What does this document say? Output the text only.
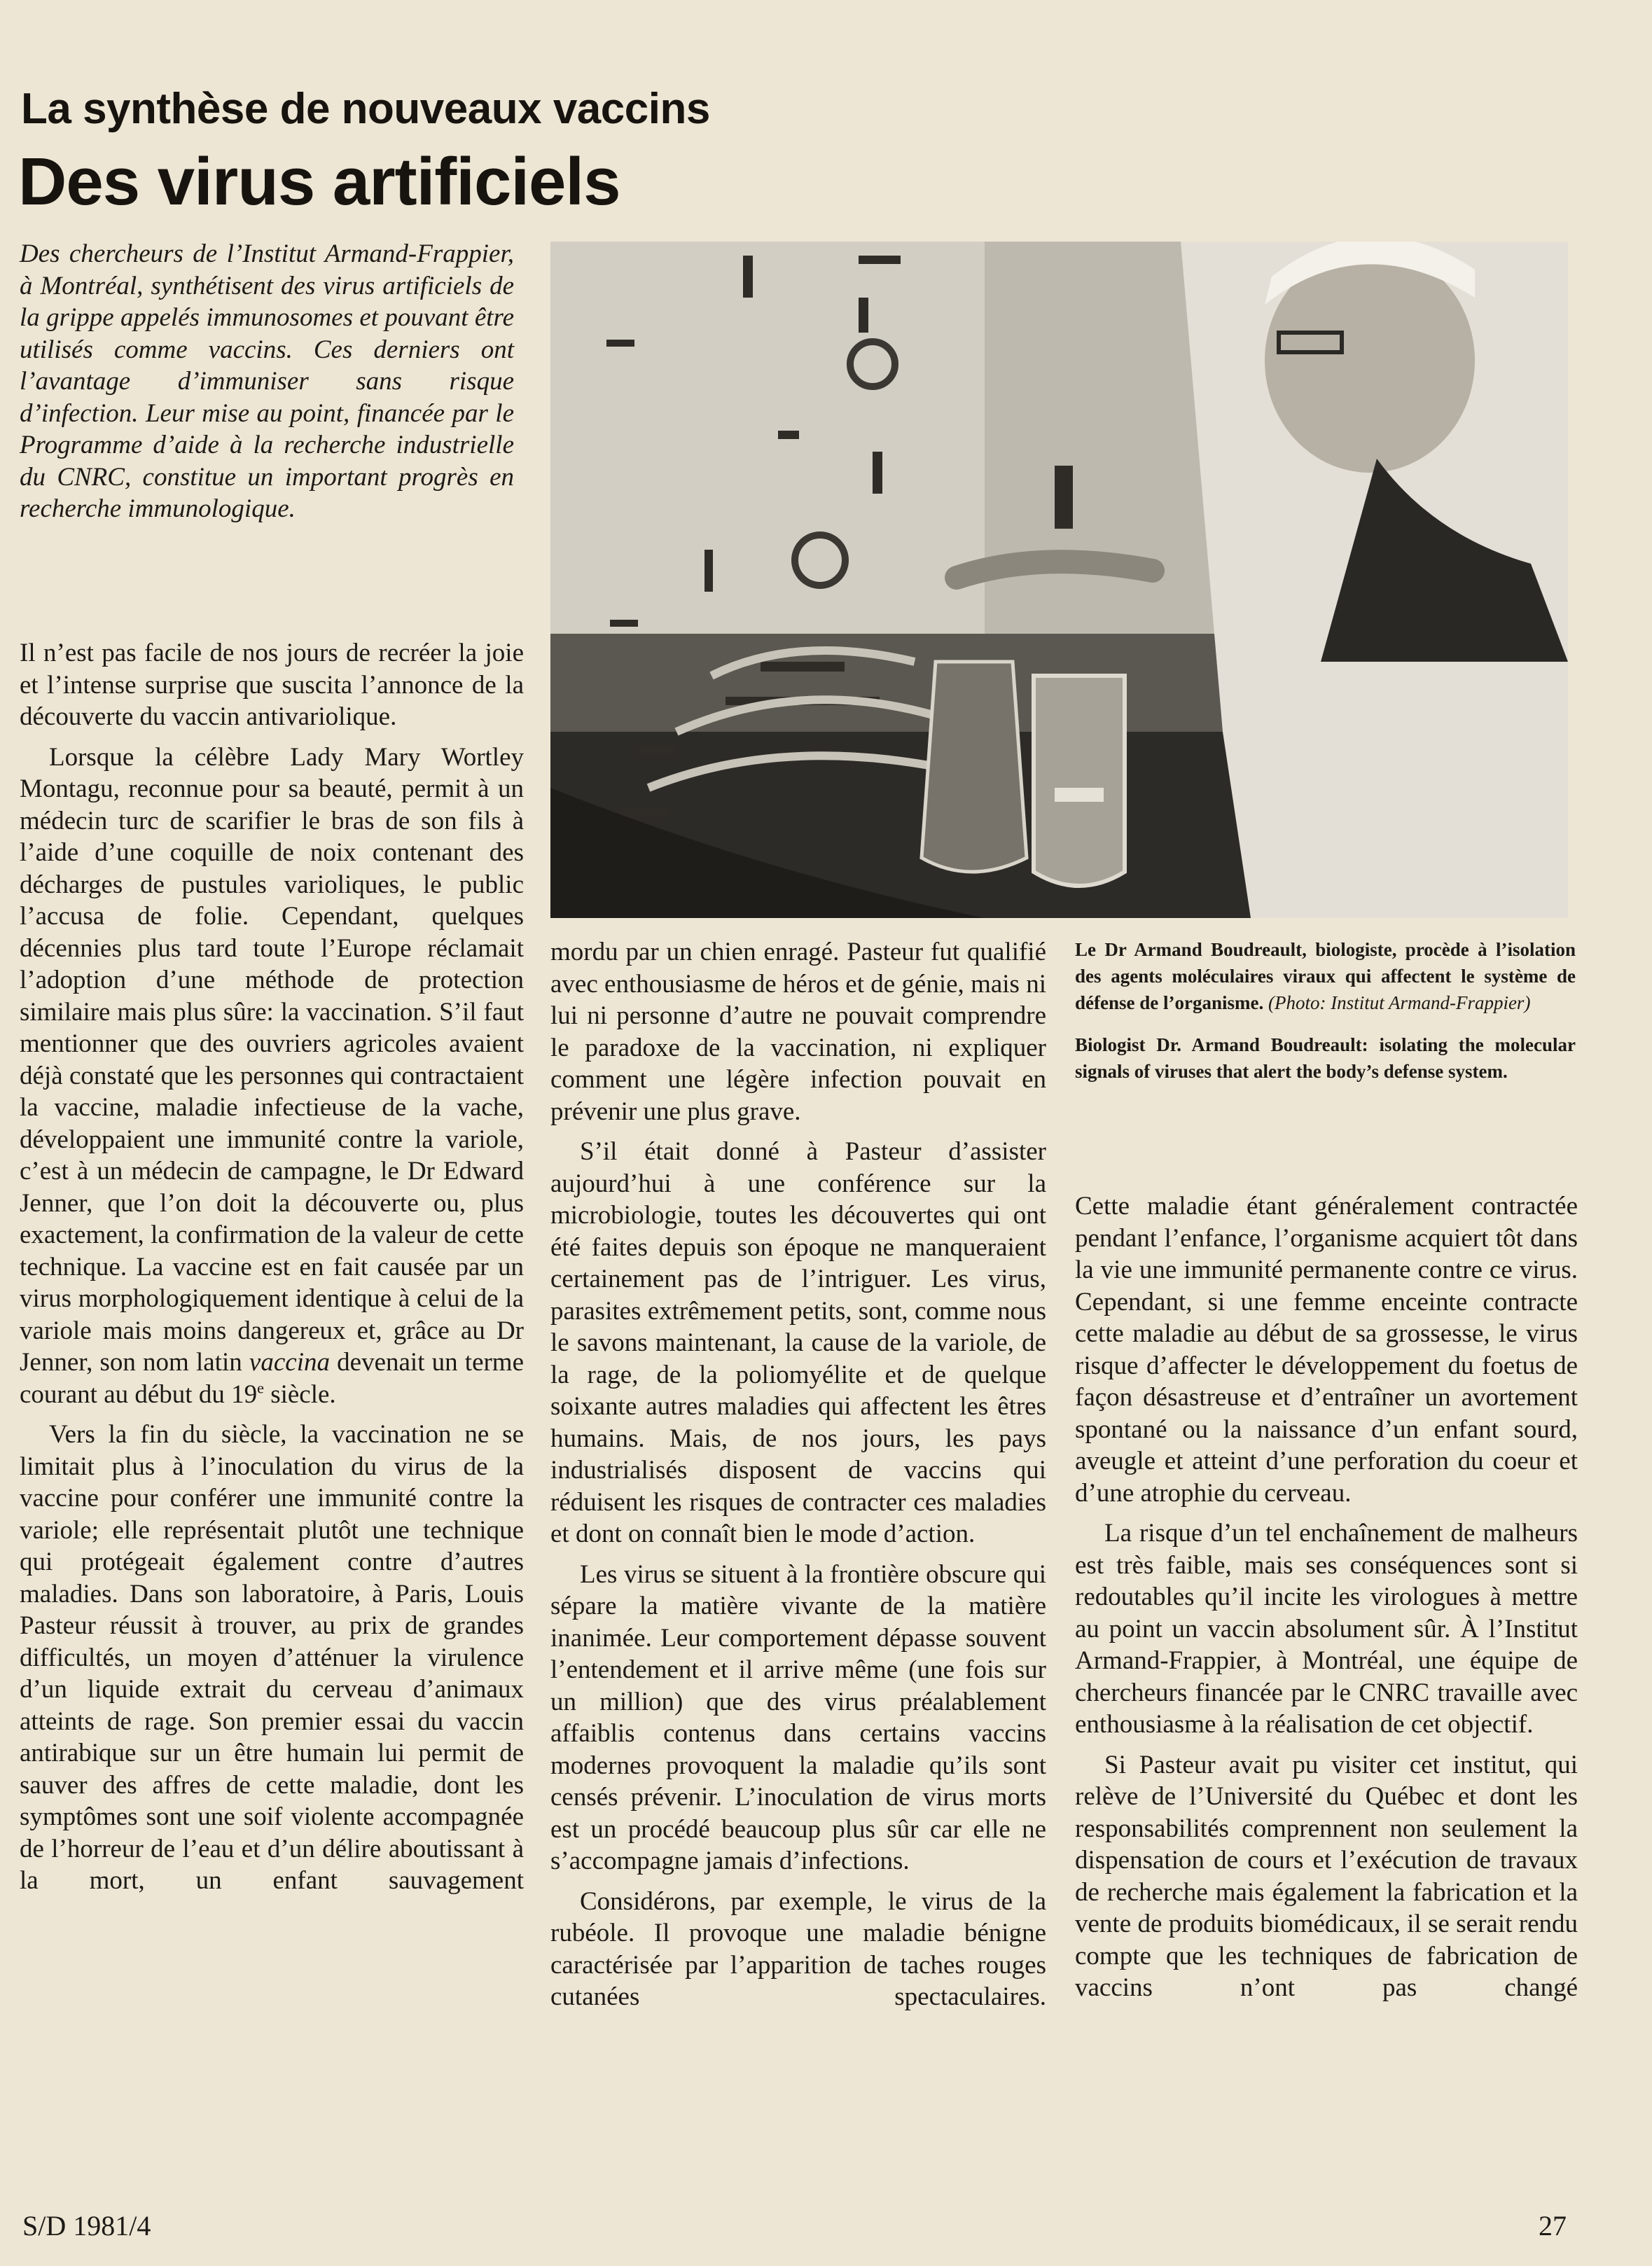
La synthèse de nouveaux vaccins
Des virus artificiels
Des chercheurs de l’Institut Armand-Frappier, à Montréal, synthétisent des virus artificiels de la grippe appelés immunosomes et pouvant être utilisés comme vaccins. Ces derniers ont l’avantage d’immuniser sans risque d’infection. Leur mise au point, financée par le Programme d’aide à la recherche industrielle du CNRC, constitue un important progrès en recherche immunologique.

Il n’est pas facile de nos jours de recréer la joie et l’intense surprise que suscita l’annonce de la découverte du vaccin antivariolique.

Lorsque la célèbre Lady Mary Wortley Montagu, reconnue pour sa beauté, permit à un médecin turc de scarifier le bras de son fils à l’aide d’une coquille de noix contenant des décharges de pustules varioliques, le public l’accusa de folie. Cependant, quelques décennies plus tard toute l’Europe réclamait l’adoption d’une méthode de protection similaire mais plus sûre: la vaccination. S’il faut mentionner que des ouvriers agricoles avaient déjà constaté que les personnes qui contractaient la vaccine, maladie infectieuse de la vache, développaient une immunité contre la variole, c’est à un médecin de campagne, le Dr Edward Jenner, que l’on doit la découverte ou, plus exactement, la confirmation de la valeur de cette technique. La vaccine est en fait causée par un virus morphologiquement identique à celui de la variole mais moins dangereux et, grâce au Dr Jenner, son nom latin vaccina devenait un terme courant au début du 19e siècle.

Vers la fin du siècle, la vaccination ne se limitait plus à l’inoculation du virus de la vaccine pour conférer une immunité contre la variole; elle représentait plutôt une technique qui protégeait également contre d’autres maladies. Dans son laboratoire, à Paris, Louis Pasteur réussit à trouver, au prix de grandes difficultés, un moyen d’atténuer la virulence d’un liquide extrait du cerveau d’animaux atteints de rage. Son premier essai du vaccin antirabique sur un être humain lui permit de sauver des affres de cette maladie, dont les symptômes sont une soif violente accompagnée de l’horreur de l’eau et d’un délire aboutissant à la mort, un enfant sauvagement

mordu par un chien enragé. Pasteur fut qualifié avec enthousiasme de héros et de génie, mais ni lui ni personne d’autre ne pouvait comprendre le paradoxe de la vaccination, ni expliquer comment une légère infection pouvait en prévenir une plus grave.

S’il était donné à Pasteur d’assister aujourd’hui à une conférence sur la microbiologie, toutes les découvertes qui ont été faites depuis son époque ne manqueraient certainement pas de l’intriguer. Les virus, parasites extrêmement petits, sont, comme nous le savons maintenant, la cause de la variole, de la rage, de la poliomyélite et de quelque soixante autres maladies qui affectent les êtres humains. Mais, de nos jours, les pays industrialisés disposent de vaccins qui réduisent les risques de contracter ces maladies et dont on connaît bien le mode d’action.

Les virus se situent à la frontière obscure qui sépare la matière vivante de la matière inanimée. Leur comportement dépasse souvent l’entendement et il arrive même (une fois sur un million) que des virus préalablement affaiblis contenus dans certains vaccins modernes provoquent la maladie qu’ils sont censés prévenir. L’inoculation de virus morts est un procédé beaucoup plus sûr car elle ne s’accompagne jamais d’infections.

Considérons, par exemple, le virus de la rubéole. Il provoque une maladie bénigne caractérisée par l’apparition de taches rouges cutanées spectaculaires.

Le Dr Armand Boudreault, biologiste, procède à l’isolation des agents moléculaires viraux qui affectent le système de défense de l’organisme. (Photo: Institut Armand-Frappier)

Biologist Dr. Armand Boudreault: isolating the molecular signals of viruses that alert the body’s defense system.

Cette maladie étant généralement contractée pendant l’enfance, l’organisme acquiert tôt dans la vie une immunité permanente contre ce virus. Cependant, si une femme enceinte contracte cette maladie au début de sa grossesse, le virus risque d’affecter le développement du foetus de façon désastreuse et d’entraîner un avortement spontané ou la naissance d’un enfant sourd, aveugle et atteint d’une perforation du coeur et d’une atrophie du cerveau.

La risque d’un tel enchaînement de malheurs est très faible, mais ses conséquences sont si redoutables qu’il incite les virologues à mettre au point un vaccin absolument sûr. À l’Institut Armand-Frappier, à Montréal, une équipe de chercheurs financée par le CNRC travaille avec enthousiasme à la réalisation de cet objectif.

Si Pasteur avait pu visiter cet institut, qui relève de l’Université du Québec et dont les responsabilités comprennent non seulement la dispensation de cours et l’exécution de travaux de recherche mais également la fabrication et la vente de produits biomédicaux, il se serait rendu compte que les techniques de fabrication de vaccins n’ont pas changé

S/D 1981/4	27
